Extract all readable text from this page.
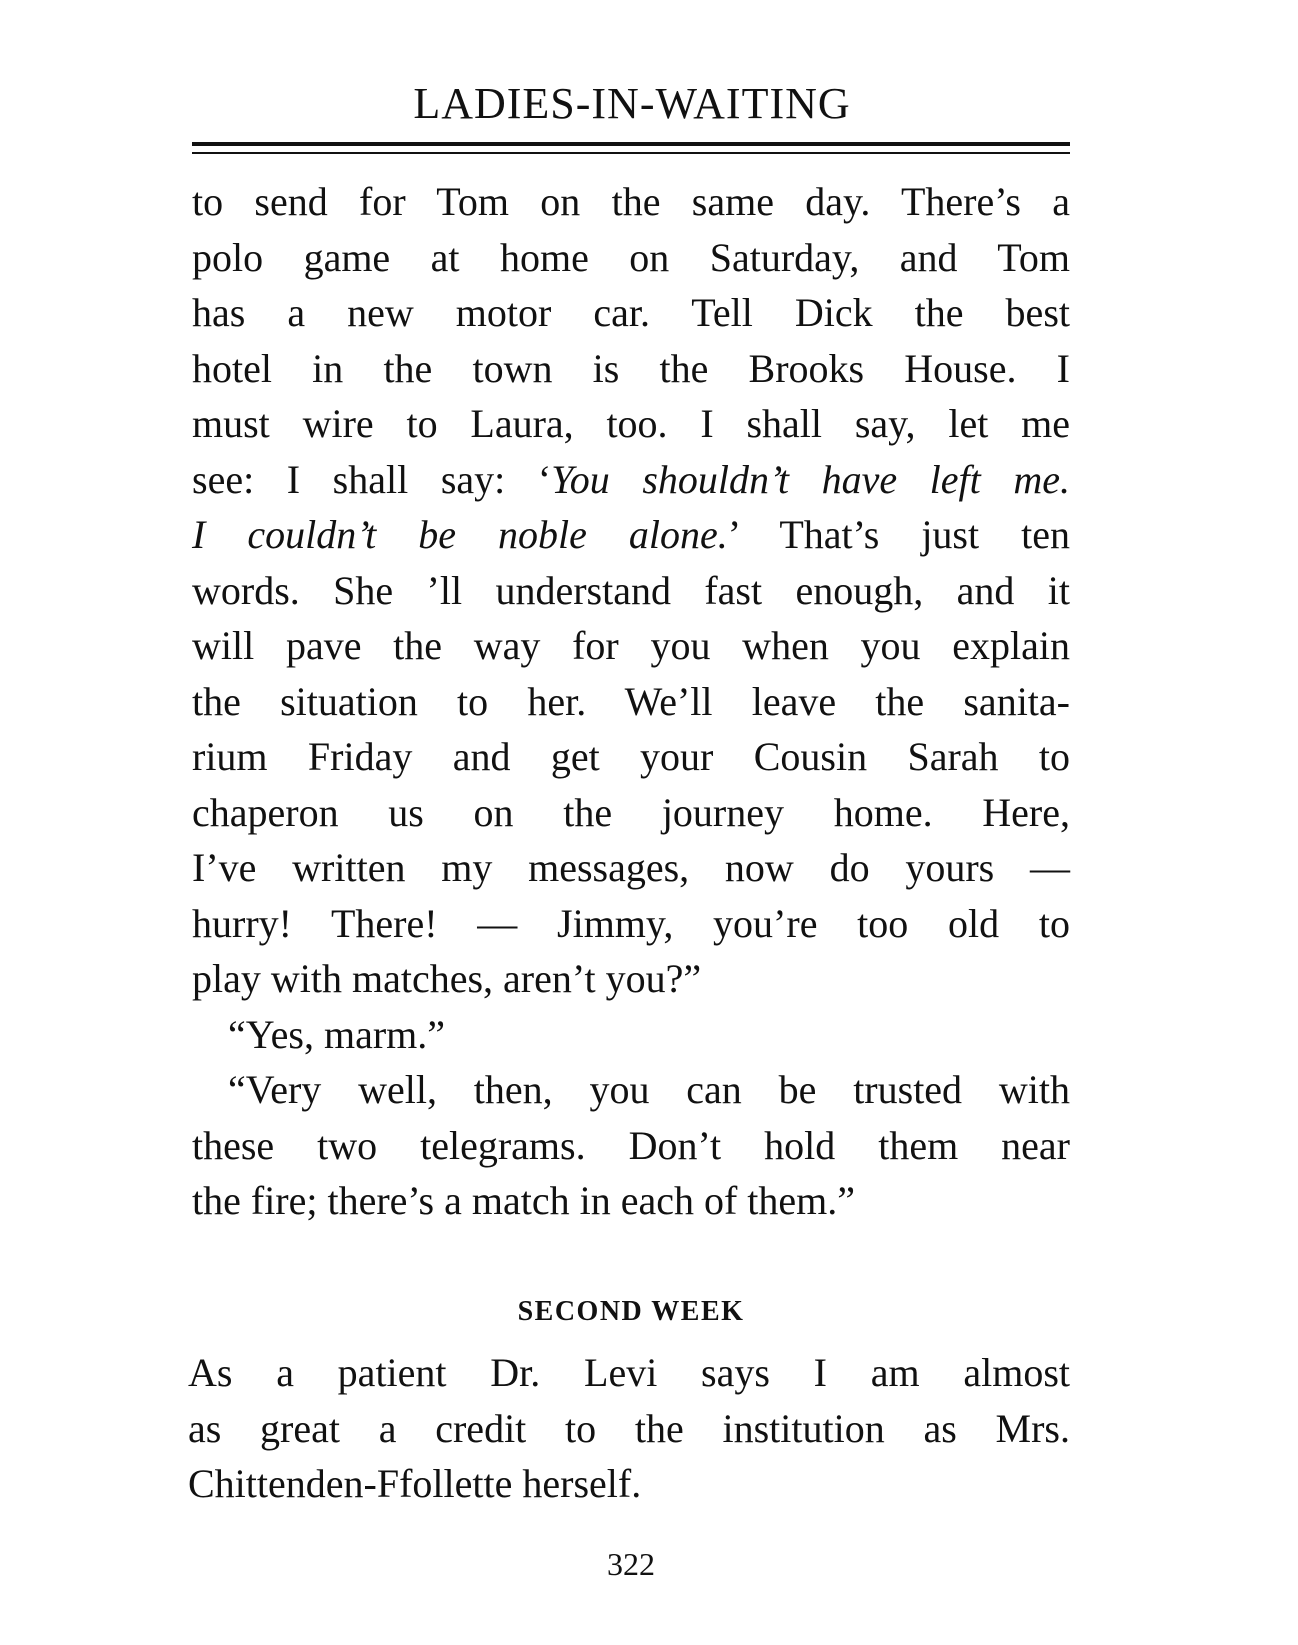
LADIES-IN-WAITING
to send for Tom on the same day. There’s a
polo game at home on Saturday, and Tom
has a new motor car. Tell Dick the best
hotel in the town is the Brooks House. I
must wire to Laura, too. I shall say, let me
see: I shall say: ‘You shouldn’t have left me.
I couldn’t be noble alone.’ That’s just ten
words. She ’ll understand fast enough, and it
will pave the way for you when you explain
the situation to her. We’ll leave the sanita-
rium Friday and get your Cousin Sarah to
chaperon us on the journey home. Here,
I’ve written my messages, now do yours —
hurry! There! — Jimmy, you’re too old to
play with matches, aren’t you?”
“Yes, marm.”
“Very well, then, you can be trusted with
these two telegrams. Don’t hold them near
the fire; there’s a match in each of them.”
SECOND WEEK
As a patient Dr. Levi says I am almost
as great a credit to the institution as Mrs.
Chittenden-Ffollette herself.
322
